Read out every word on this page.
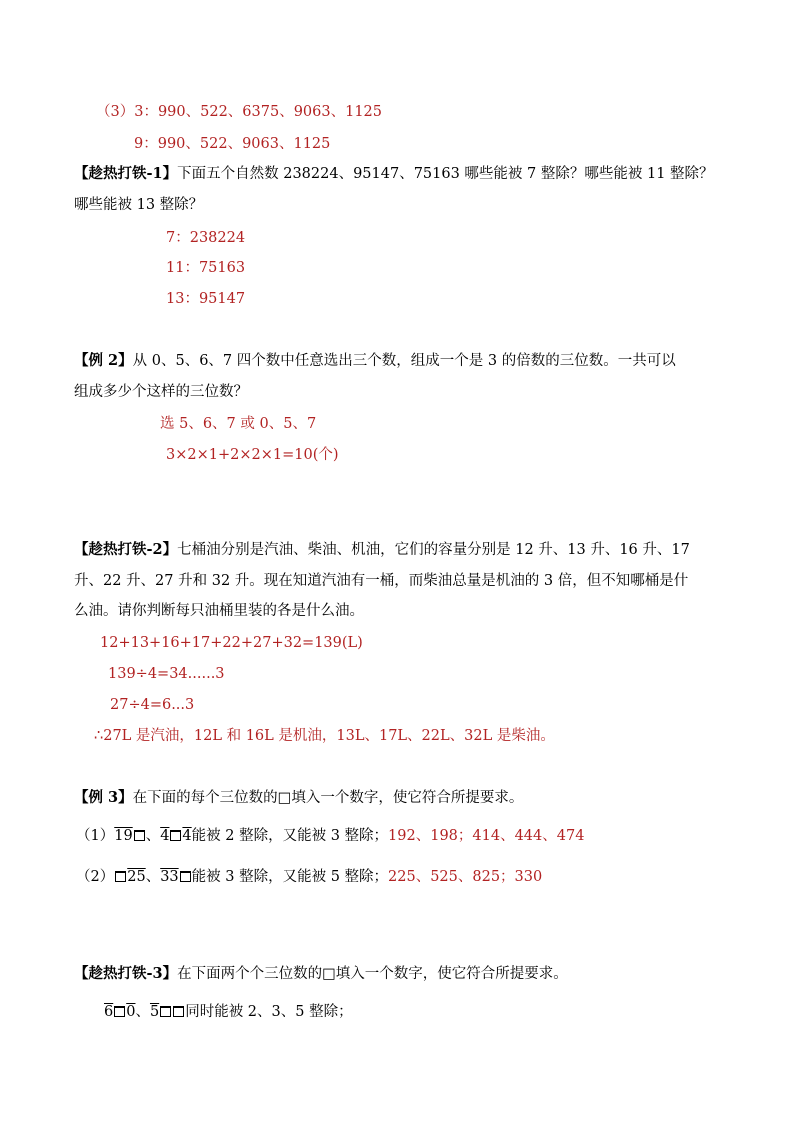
（3）3：990、522、6375、9063、1125
9：990、522、9063、1125
【趁热打铁-1】下面五个自然数 238224、95147、75163 哪些能被 7 整除？哪些能被 11 整除？
哪些能被 13 整除？
7：238224
11：75163
13：95147
【例 2】从 0、5、6、7 四个数中任意选出三个数，组成一个是 3 的倍数的三位数。一共可以
组成多少个这样的三位数？
选 5、6、7 或 0、5、7
3×2×1+2×2×1=10(个)
【趁热打铁-2】七桶油分别是汽油、柴油、机油，它们的容量分别是 12 升、13 升、16 升、17
升、22 升、27 升和 32 升。现在知道汽油有一桶，而柴油总量是机油的 3 倍，但不知哪桶是什
么油。请你判断每只油桶里装的各是什么油。
12+13+16+17+22+27+32=139(L)
139÷4=34......3
27÷4=6...3
∴27L 是汽油，12L 和 16L 是机油，13L、17L、22L、32L 是柴油。
【例 3】在下面的每个三位数的□填入一个数字，使它符合所提要求。
（1）19 、4 4能被 2 整除，又能被 3 整除；192、198；414、444、474
（2） 25、33 能被 3 整除，又能被 5 整除；225、525、825；330
【趁热打铁-3】在下面两个个三位数的□填入一个数字，使它符合所提要求。
6 0、5 同时能被 2、3、5 整除；
